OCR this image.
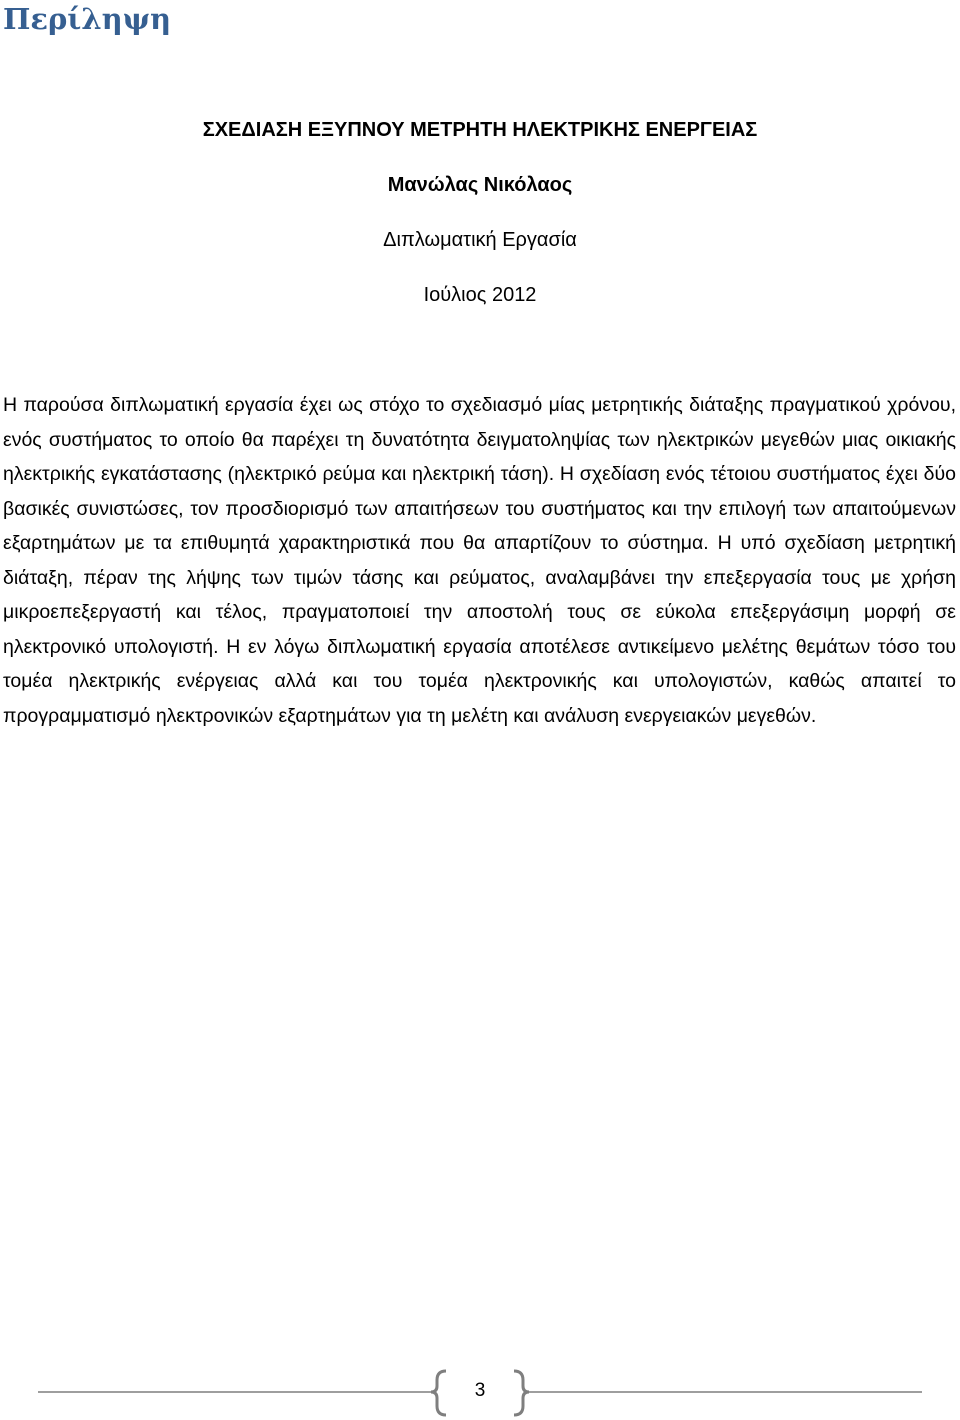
Περίληψη

ΣΧΕΔΙΑΣΗ ΕΞΥΠΝΟΥ ΜΕΤΡΗΤΗ ΗΛΕΚΤΡΙΚΗΣ ΕΝΕΡΓΕΙΑΣ

Μανώλας Νικόλαος

Διπλωματική Εργασία

Ιούλιος 2012

Η παρούσα διπλωματική εργασία έχει ως στόχο το σχεδιασμό μίας μετρητικής διάταξης πραγματικού χρόνου, ενός συστήματος το οποίο θα παρέχει τη δυνατότητα δειγματοληψίας των ηλεκτρικών μεγεθών μιας οικιακής ηλεκτρικής εγκατάστασης (ηλεκτρικό ρεύμα και ηλεκτρική τάση). Η σχεδίαση ενός τέτοιου συστήματος έχει δύο βασικές συνιστώσες, τον προσδιορισμό των απαιτήσεων του συστήματος και την επιλογή των απαιτούμενων εξαρτημάτων με τα επιθυμητά χαρακτηριστικά που θα απαρτίζουν το σύστημα. Η υπό σχεδίαση μετρητική διάταξη, πέραν της λήψης των τιμών τάσης και ρεύματος, αναλαμβάνει την επεξεργασία τους με χρήση μικροεπεξεργαστή και τέλος, πραγματοποιεί την αποστολή τους σε εύκολα επεξεργάσιμη μορφή σε ηλεκτρονικό υπολογιστή. Η εν λόγω διπλωματική εργασία αποτέλεσε αντικείμενο μελέτης θεμάτων τόσο του τομέα ηλεκτρικής ενέργειας αλλά και του τομέα ηλεκτρονικής και υπολογιστών, καθώς απαιτεί το προγραμματισμό ηλεκτρονικών εξαρτημάτων για τη μελέτη και ανάλυση ενεργειακών μεγεθών.

3
